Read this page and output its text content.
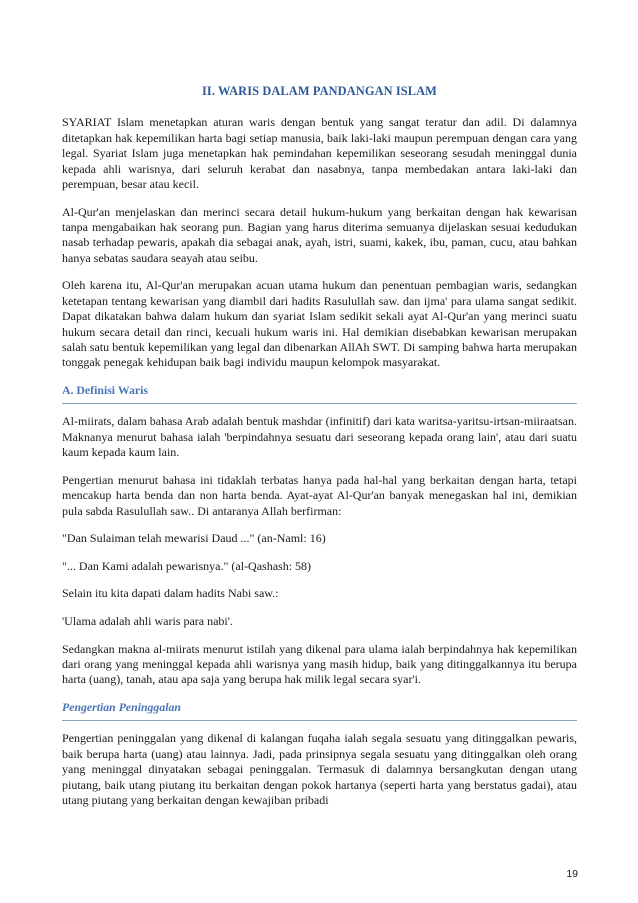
II. WARIS DALAM PANDANGAN ISLAM

SYARIAT Islam menetapkan aturan waris dengan bentuk yang sangat teratur dan adil. Di dalamnya ditetapkan hak kepemilikan harta bagi setiap manusia, baik laki-laki maupun perempuan dengan cara yang legal. Syariat Islam juga menetapkan hak pemindahan kepemilikan seseorang sesudah meninggal dunia kepada ahli warisnya, dari seluruh kerabat dan nasabnya, tanpa membedakan antara laki-laki dan perempuan, besar atau kecil.

Al-Qur'an menjelaskan dan merinci secara detail hukum-hukum yang berkaitan dengan hak kewarisan tanpa mengabaikan hak seorang pun. Bagian yang harus diterima semuanya dijelaskan sesuai kedudukan nasab terhadap pewaris, apakah dia sebagai anak, ayah, istri, suami, kakek, ibu, paman, cucu, atau bahkan hanya sebatas saudara seayah atau seibu.

Oleh karena itu, Al-Qur'an merupakan acuan utama hukum dan penentuan pembagian waris, sedangkan ketetapan tentang kewarisan yang diambil dari hadits Rasulullah saw. dan ijma' para ulama sangat sedikit. Dapat dikatakan bahwa dalam hukum dan syariat Islam sedikit sekali ayat Al-Qur'an yang merinci suatu hukum secara detail dan rinci, kecuali hukum waris ini. Hal demikian disebabkan kewarisan merupakan salah satu bentuk kepemilikan yang legal dan dibenarkan AllAh SWT. Di samping bahwa harta merupakan tonggak penegak kehidupan baik bagi individu maupun kelompok masyarakat.

A. Definisi Waris

Al-miirats, dalam bahasa Arab adalah bentuk mashdar (infinitif) dari kata waritsa-yaritsu-irtsan-miiraatsan. Maknanya menurut bahasa ialah 'berpindahnya sesuatu dari seseorang kepada orang lain', atau dari suatu kaum kepada kaum lain.

Pengertian menurut bahasa ini tidaklah terbatas hanya pada hal-hal yang berkaitan dengan harta, tetapi mencakup harta benda dan non harta benda. Ayat-ayat Al-Qur'an banyak menegaskan hal ini, demikian pula sabda Rasulullah saw.. Di antaranya Allah berfirman:

"Dan Sulaiman telah mewarisi Daud ..." (an-Naml: 16)

"... Dan Kami adalah pewarisnya." (al-Qashash: 58)

Selain itu kita dapati dalam hadits Nabi saw.:

'Ulama adalah ahli waris para nabi'.

Sedangkan makna al-miirats menurut istilah yang dikenal para ulama ialah berpindahnya hak kepemilikan dari orang yang meninggal kepada ahli warisnya yang masih hidup, baik yang ditinggalkannya itu berupa harta (uang), tanah, atau apa saja yang berupa hak milik legal secara syar'i.

Pengertian Peninggalan

Pengertian peninggalan yang dikenal di kalangan fuqaha ialah segala sesuatu yang ditinggalkan pewaris, baik berupa harta (uang) atau lainnya. Jadi, pada prinsipnya segala sesuatu yang ditinggalkan oleh orang yang meninggal dinyatakan sebagai peninggalan. Termasuk di dalamnya bersangkutan dengan utang piutang, baik utang piutang itu berkaitan dengan pokok hartanya (seperti harta yang berstatus gadai), atau utang piutang yang berkaitan dengan kewajiban pribadi

19
